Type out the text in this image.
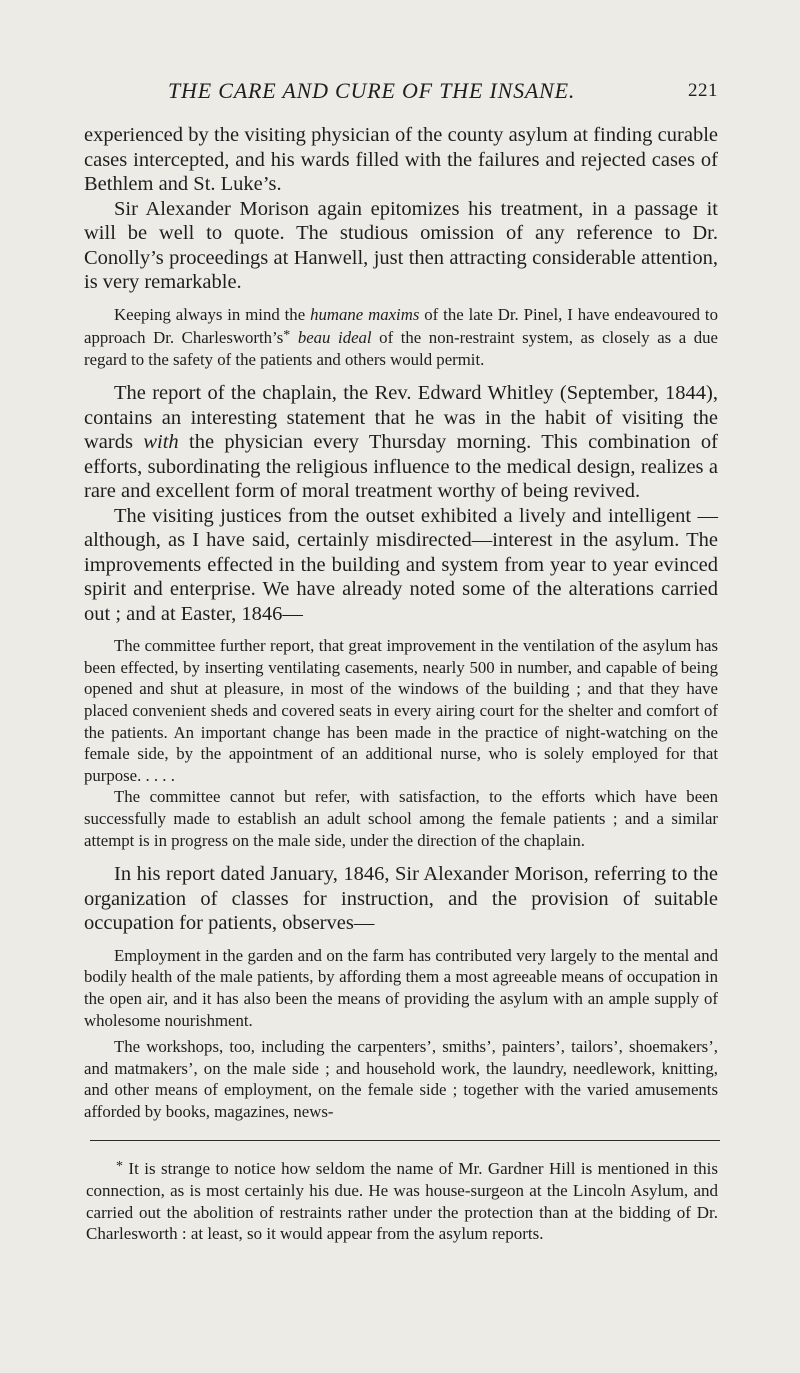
THE CARE AND CURE OF THE INSANE.	221

experienced by the visiting physician of the county asylum at finding curable cases intercepted, and his wards filled with the failures and rejected cases of Bethlem and St. Luke’s.

Sir Alexander Morison again epitomizes his treatment, in a passage it will be well to quote. The studious omission of any reference to Dr. Conolly’s proceedings at Hanwell, just then attracting considerable attention, is very remarkable.

Keeping always in mind the humane maxims of the late Dr. Pinel, I have endeavoured to approach Dr. Charlesworth’s* beau ideal of the non-restraint system, as closely as a due regard to the safety of the patients and others would permit.

The report of the chaplain, the Rev. Edward Whitley (September, 1844), contains an interesting statement that he was in the habit of visiting the wards with the physician every Thursday morning. This combination of efforts, subordinating the religious influence to the medical design, realizes a rare and excellent form of moral treatment worthy of being revived.

The visiting justices from the outset exhibited a lively and intelligent —although, as I have said, certainly misdirected—interest in the asylum. The improvements effected in the building and system from year to year evinced spirit and enterprise. We have already noted some of the alterations carried out ; and at Easter, 1846—

The committee further report, that great improvement in the ventilation of the asylum has been effected, by inserting ventilating casements, nearly 500 in number, and capable of being opened and shut at pleasure, in most of the windows of the building ; and that they have placed convenient sheds and covered seats in every airing court for the shelter and comfort of the patients. An important change has been made in the practice of night-watching on the female side, by the appointment of an additional nurse, who is solely employed for that purpose. . . . .

The committee cannot but refer, with satisfaction, to the efforts which have been successfully made to establish an adult school among the female patients ; and a similar attempt is in progress on the male side, under the direction of the chaplain.

In his report dated January, 1846, Sir Alexander Morison, referring to the organization of classes for instruction, and the provision of suitable occupation for patients, observes—

Employment in the garden and on the farm has contributed very largely to the mental and bodily health of the male patients, by affording them a most agreeable means of occupation in the open air, and it has also been the means of providing the asylum with an ample supply of wholesome nourishment.

The workshops, too, including the carpenters’, smiths’, painters’, tailors’, shoemakers’, and matmakers’, on the male side ; and household work, the laundry, needlework, knitting, and other means of employment, on the female side ; together with the varied amusements afforded by books, magazines, news-

* It is strange to notice how seldom the name of Mr. Gardner Hill is mentioned in this connection, as is most certainly his due. He was house-surgeon at the Lincoln Asylum, and carried out the abolition of restraints rather under the protection than at the bidding of Dr. Charlesworth : at least, so it would appear from the asylum reports.
